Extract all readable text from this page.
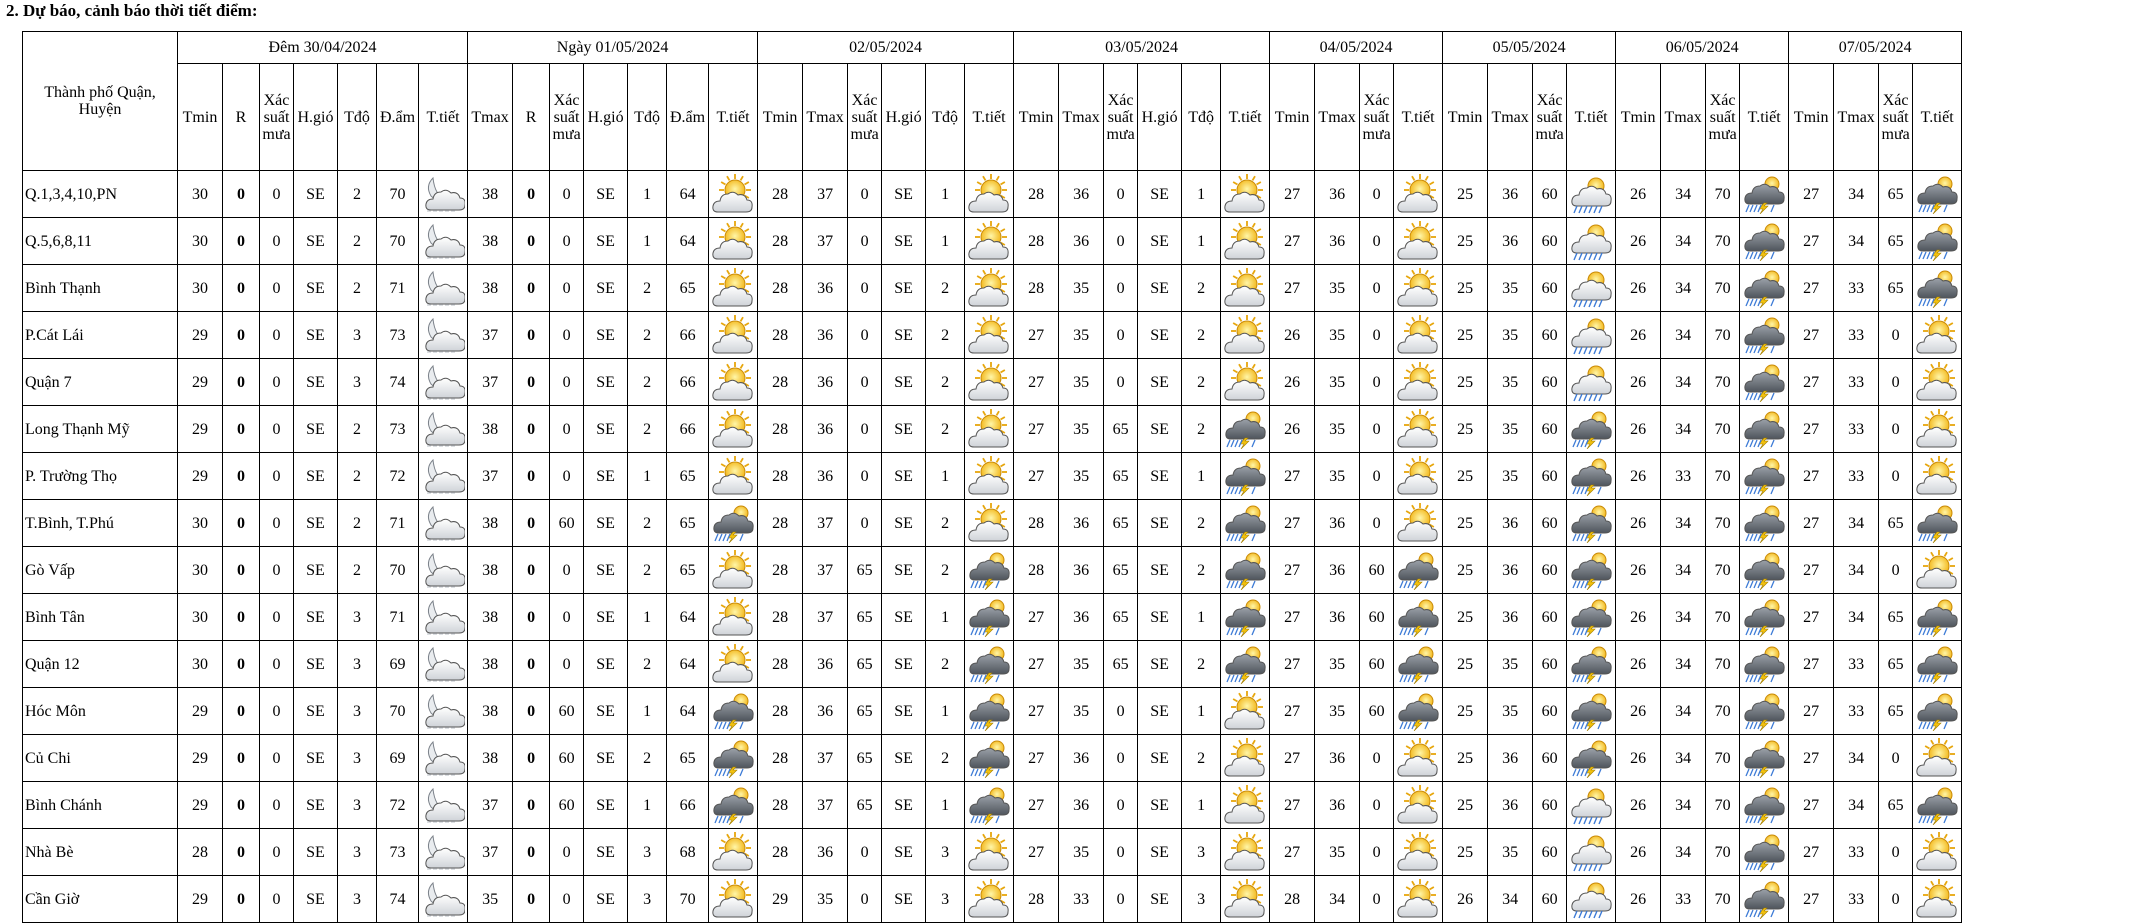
2. Dự báo, cảnh báo thời tiết điểm:
Thành phố Quận, Huyện	Đêm 30/04/2024							Ngày 01/05/2024							02/05/2024						03/05/2024						04/05/2024				05/05/2024				06/05/2024				07/05/2024			
	Tmin	R	Xác suất mưa	H.gió	Tđộ	Đ.ẩm	T.tiết	Tmax	R	Xác suất mưa	H.gió	Tđộ	Đ.ẩm	T.tiết	Tmin	Tmax	Xác suất mưa	H.gió	Tđộ	T.tiết	Tmin	Tmax	Xác suất mưa	H.gió	Tđộ	T.tiết	Tmin	Tmax	Xác suất mưa	T.tiết	Tmin	Tmax	Xác suất mưa	T.tiết	Tmin	Tmax	Xác suất mưa	T.tiết	Tmin	Tmax	Xác suất mưa	T.tiết
Q.1,3,4,10,PN	30	0	0	SE	2	70		38	0	0	SE	1	64		28	37	0	SE	1		28	36	0	SE	1		27	36	0		25	36	60		26	34	70		27	34	65	

Q.5,6,8,11	30	0	0	SE	2	70		38	0	0	SE	1	64		28	37	0	SE	1		28	36	0	SE	1		27	36	0		25	36	60		26	34	70		27	34	65	

Bình Thạnh	30	0	0	SE	2	71		38	0	0	SE	2	65		28	36	0	SE	2		28	35	0	SE	2		27	35	0		25	35	60		26	34	70		27	33	65	

P.Cát Lái	29	0	0	SE	3	73		37	0	0	SE	2	66		28	36	0	SE	2		27	35	0	SE	2		26	35	0		25	35	60		26	34	70		27	33	0	

Quận 7	29	0	0	SE	3	74		37	0	0	SE	2	66		28	36	0	SE	2		27	35	0	SE	2		26	35	0		25	35	60		26	34	70		27	33	0	

Long Thạnh Mỹ	29	0	0	SE	2	73		38	0	0	SE	2	66		28	36	0	SE	2		27	35	65	SE	2		26	35	0		25	35	60		26	34	70		27	33	0	

P. Trường Thọ	29	0	0	SE	2	72		37	0	0	SE	1	65		28	36	0	SE	1		27	35	65	SE	1		27	35	0		25	35	60		26	33	70		27	33	0	

T.Bình, T.Phú	30	0	0	SE	2	71		38	0	60	SE	2	65		28	37	0	SE	2		28	36	65	SE	2		27	36	0		25	36	60		26	34	70		27	34	65	

Gò Vấp	30	0	0	SE	2	70		38	0	0	SE	2	65		28	37	65	SE	2		28	36	65	SE	2		27	36	60		25	36	60		26	34	70		27	34	0	

Bình Tân	30	0	0	SE	3	71		38	0	0	SE	1	64		28	37	65	SE	1		27	36	65	SE	1		27	36	60		25	36	60		26	34	70		27	34	65	

Quận 12	30	0	0	SE	3	69		38	0	0	SE	2	64		28	36	65	SE	2		27	35	65	SE	2		27	35	60		25	35	60		26	34	70		27	33	65	

Hóc Môn	29	0	0	SE	3	70		38	0	60	SE	1	64		28	36	65	SE	1		27	35	0	SE	1		27	35	60		25	35	60		26	34	70		27	33	65	

Củ Chi	29	0	0	SE	3	69		38	0	60	SE	2	65		28	37	65	SE	2		27	36	0	SE	2		27	36	0		25	36	60		26	34	70		27	34	0	

Bình Chánh	29	0	0	SE	3	72		37	0	60	SE	1	66		28	37	65	SE	1		27	36	0	SE	1		27	36	0		25	36	60		26	34	70		27	34	65	

Nhà Bè	28	0	0	SE	3	73		37	0	0	SE	3	68		28	36	0	SE	3		27	35	0	SE	3		27	35	0		25	35	60		26	34	70		27	33	0	

Cần Giờ	29	0	0	SE	3	74		35	0	0	SE	3	70		29	35	0	SE	3		28	33	0	SE	3		28	34	0		26	34	60		26	33	70		27	33	0	
